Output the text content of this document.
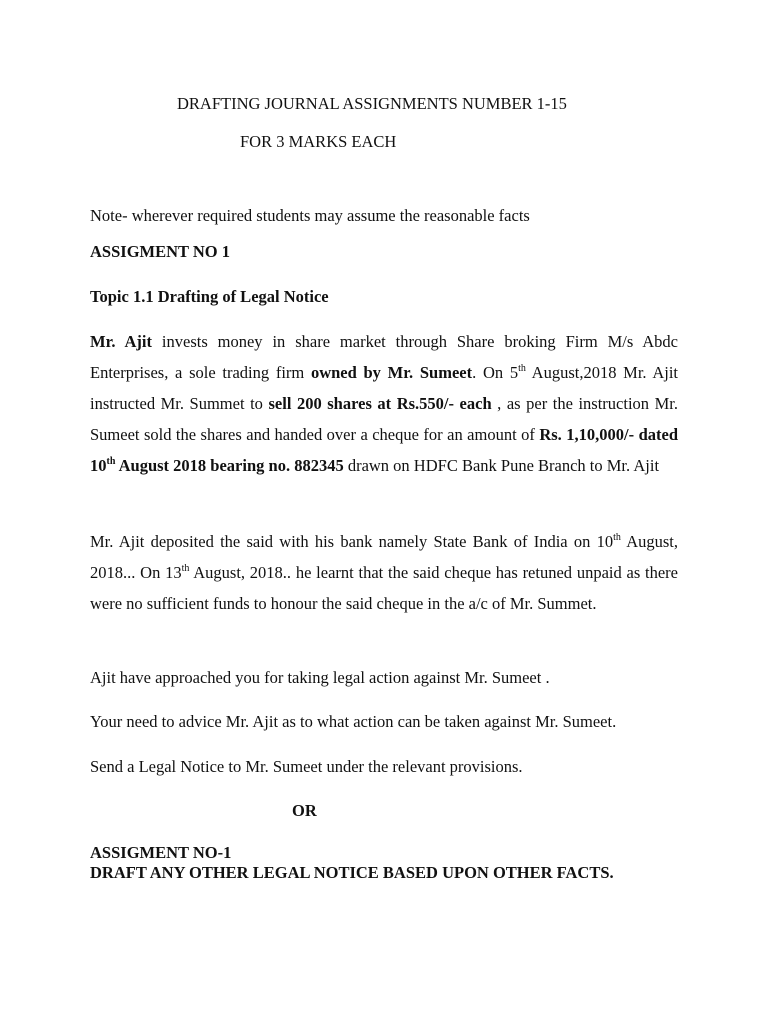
DRAFTING JOURNAL ASSIGNMENTS NUMBER 1-15
FOR 3 MARKS EACH
Note- wherever required students may assume the reasonable facts
ASSIGMENT NO 1
Topic 1.1 Drafting of Legal Notice

Mr. Ajit invests money in share market through Share broking Firm M/s Abdc Enterprises, a sole trading firm owned by Mr. Sumeet. On 5th August,2018 Mr. Ajit instructed Mr. Summet to sell 200 shares at Rs.550/- each , as per the instruction Mr. Sumeet sold the shares and handed over a cheque for an amount of Rs. 1,10,000/- dated 10th August 2018 bearing no. 882345 drawn on HDFC Bank Pune Branch to Mr. Ajit

Mr. Ajit deposited the said with his bank namely State Bank of India on 10th August, 2018... On 13th August, 2018.. he learnt that the said cheque has retuned unpaid as there were no sufficient funds to honour the said cheque in the a/c of Mr. Summet.

Ajit have approached you for taking legal action against Mr. Sumeet .
Your need to advice Mr. Ajit as to what action can be taken against Mr. Sumeet.
Send a Legal Notice to Mr. Sumeet under the relevant provisions.
OR
ASSIGMENT NO-1
DRAFT ANY OTHER LEGAL NOTICE BASED UPON OTHER FACTS.
